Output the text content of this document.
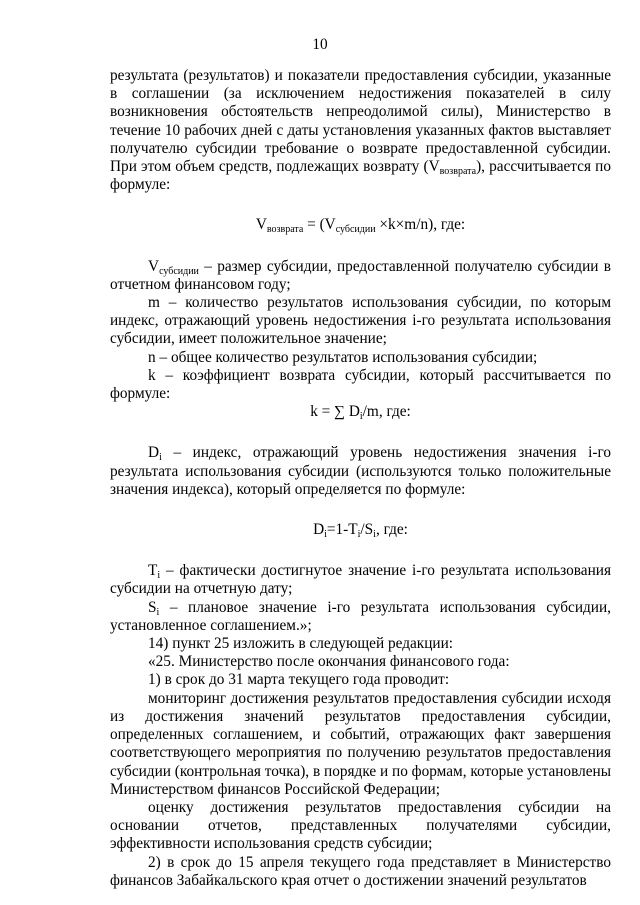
10

результата (результатов) и показатели предоставления субсидии, указанные в соглашении (за исключением недостижения показателей в силу возникновения обстоятельств непреодолимой силы), Министерство в течение 10 рабочих дней с даты установления указанных фактов выставляет получателю субсидии требование о возврате предоставленной субсидии. При этом объем средств, подлежащих возврату $(V_{возврата})$, рассчитывается по формуле:

$V_{возврата} = (V_{субсидии} \times k\times m/n)$, где:

$V_{субсидии}$ – размер субсидии, предоставленной получателю субсидии в отчетном финансовом году;

m – количество результатов использования субсидии, по которым индекс, отражающий уровень недостижения i-го результата использования субсидии, имеет положительное значение;

n – общее количество результатов использования субсидии;

k – коэффициент возврата субсидии, который рассчитывается по формуле:

k = ∑ $D_i/m$, где:

$D_i$ – индекс, отражающий уровень недостижения значения i-го результата использования субсидии (используются только положительные значения индекса), который определяется по формуле:

$D_i=1-T_i/S_i$, где:

$T_i$ – фактически достигнутое значение i-го результата использования субсидии на отчетную дату;

$S_i$ – плановое значение i-го результата использования субсидии, установленное соглашением.»;

14) пункт 25 изложить в следующей редакции:

«25. Министерство после окончания финансового года:

1) в срок до 31 марта текущего года проводит:

мониторинг достижения результатов предоставления субсидии исходя из достижения значений результатов предоставления субсидии, определенных соглашением, и событий, отражающих факт завершения соответствующего мероприятия по получению результатов предоставления субсидии (контрольная точка), в порядке и по формам, которые установлены Министерством финансов Российской Федерации;

оценку достижения результатов предоставления субсидии на основании отчетов, представленных получателями субсидии, эффективности использования средств субсидии;

2) в срок до 15 апреля текущего года представляет в Министерство финансов Забайкальского края отчет о достижении значений результатов
